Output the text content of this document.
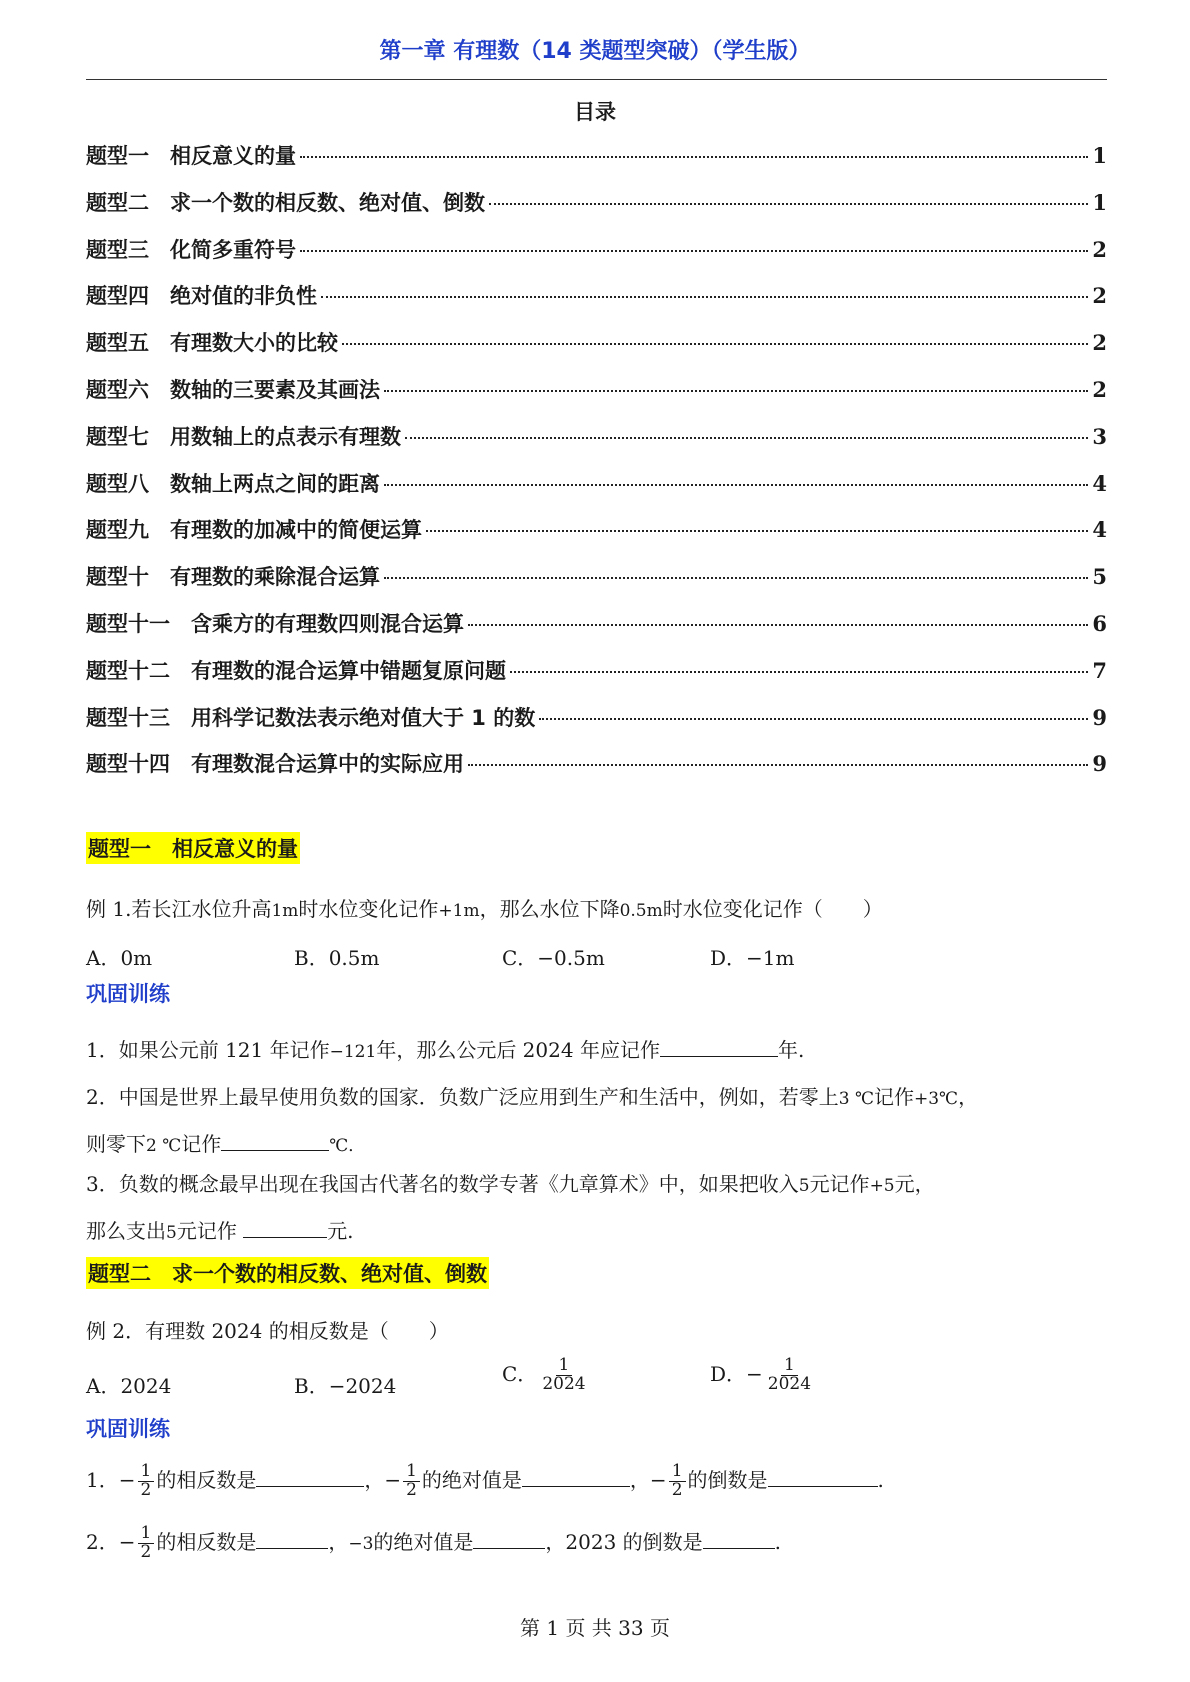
第一章 有理数（14 类题型突破）（学生版）
目录
题型一　相反意义的量	1
题型二　求一个数的相反数、绝对值、倒数	1
题型三　化简多重符号	2
题型四　绝对值的非负性	2
题型五　有理数大小的比较	2
题型六　数轴的三要素及其画法	2
题型七　用数轴上的点表示有理数	3
题型八　数轴上两点之间的距离	4
题型九　有理数的加减中的简便运算	4
题型十　有理数的乘除混合运算	5
题型十一　含乘方的有理数四则混合运算	6
题型十二　有理数的混合运算中错题复原问题	7
题型十三　用科学记数法表示绝对值大于 1 的数	9
题型十四　有理数混合运算中的实际应用	9
题型一　相反意义的量
例 1.若长江水位升高1m时水位变化记作+1m，那么水位下降0.5m时水位变化记作（　　）
A．0m	B．0.5m	C．−0.5m	D．−1m
巩固训练
1．如果公元前 121 年记作−121年，那么公元后 2024 年应记作	年.
2．中国是世界上最早使用负数的国家．负数广泛应用到生产和生活中，例如，若零上3 ℃记作+3℃，
则零下2 ℃记作	℃．
3．负数的概念最早出现在我国古代著名的数学专著《九章算术》中，如果把收入5元记作+5元，
那么支出5元记作	元.
题型二　求一个数的相反数、绝对值、倒数
例 2．有理数 2024 的相反数是（　　）
A．2024	B．−2024
C． $\frac{1}{2024}$	D．− $\frac{1}{2024}$
巩固训练
1．− $\frac{1}{2}$ 的相反数是	，− $\frac{1}{2}$ 的绝对值是	，− $\frac{1}{2}$ 的倒数是	.
2．− $\frac{1}{2}$ 的相反数是	，−3的绝对值是	，2023 的倒数是	.
第 1 页 共 33 页
